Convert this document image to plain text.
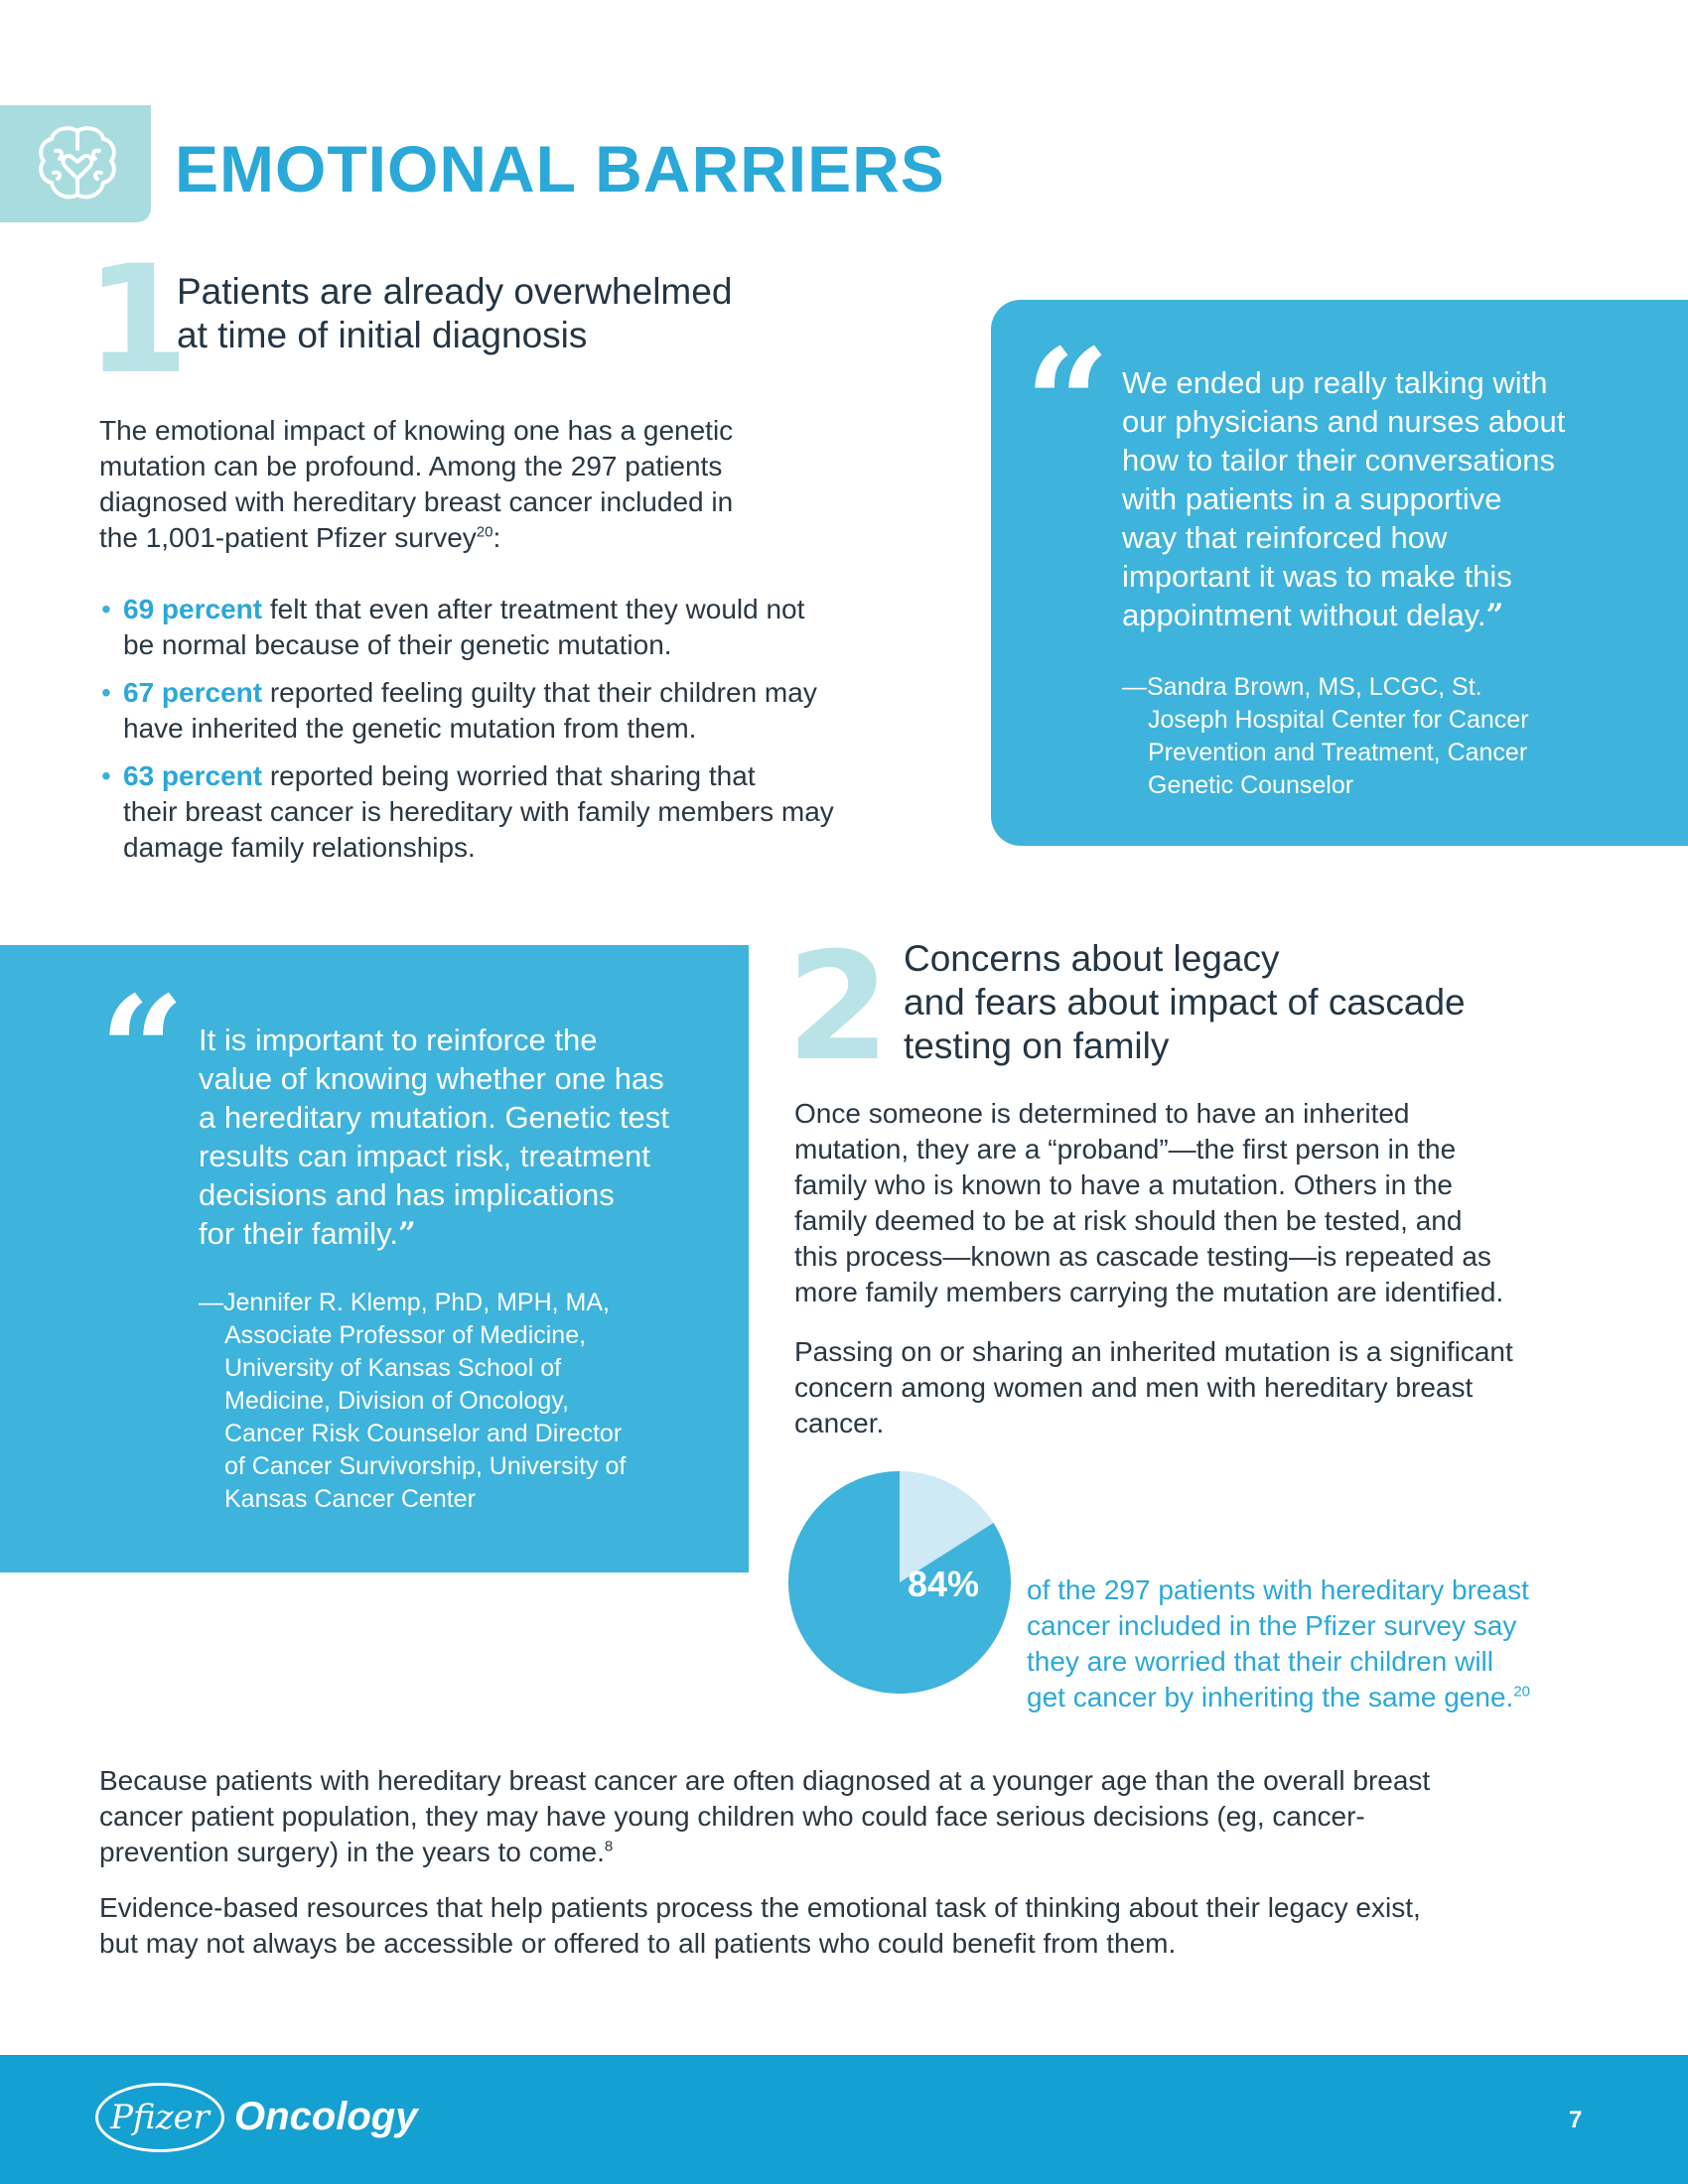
EMOTIONAL BARRIERS
1
Patients are already overwhelmed
at time of initial diagnosis

The emotional impact of knowing one has a genetic
mutation can be profound. Among the 297 patients
diagnosed with hereditary breast cancer included in
the 1,001-patient Pfizer survey$^{20}$:

• 69 percent felt that even after treatment they would not
be normal because of their genetic mutation.
• 67 percent reported feeling guilty that their children may
have inherited the genetic mutation from them.
• 63 percent reported being worried that sharing that
their breast cancer is hereditary with family members may
damage family relationships.
“ We ended up really talking with
our physicians and nurses about
how to tailor their conversations
with patients in a supportive
way that reinforced how
important it was to make this
appointment without delay.”

—Sandra Brown, MS, LCGC, St.
Joseph Hospital Center for Cancer
Prevention and Treatment, Cancer
Genetic Counselor
“ It is important to reinforce the
value of knowing whether one has
a hereditary mutation. Genetic test
results can impact risk, treatment
decisions and has implications
for their family.”

—Jennifer R. Klemp, PhD, MPH, MA,
Associate Professor of Medicine,
University of Kansas School of
Medicine, Division of Oncology,
Cancer Risk Counselor and Director
of Cancer Survivorship, University of
Kansas Cancer Center
2 Concerns about legacy
and fears about impact of cascade
testing on family

Once someone is determined to have an inherited
mutation, they are a “proband”—the first person in the
family who is known to have a mutation. Others in the
family deemed to be at risk should then be tested, and
this process—known as cascade testing—is repeated as
more family members carrying the mutation are identified.

Passing on or sharing an inherited mutation is a significant
concern among women and men with hereditary breast
cancer.

84% of the 297 patients with hereditary breast
cancer included in the Pfizer survey say
they are worried that their children will
get cancer by inheriting the same gene.$^{20}$

Because patients with hereditary breast cancer are often diagnosed at a younger age than the overall breast
cancer patient population, they may have young children who could face serious decisions (eg, cancer-
prevention surgery) in the years to come.$^8$

Evidence-based resources that help patients process the emotional task of thinking about their legacy exist,
but may not always be accessible or offered to all patients who could benefit from them.

Pfizer Oncology	7
